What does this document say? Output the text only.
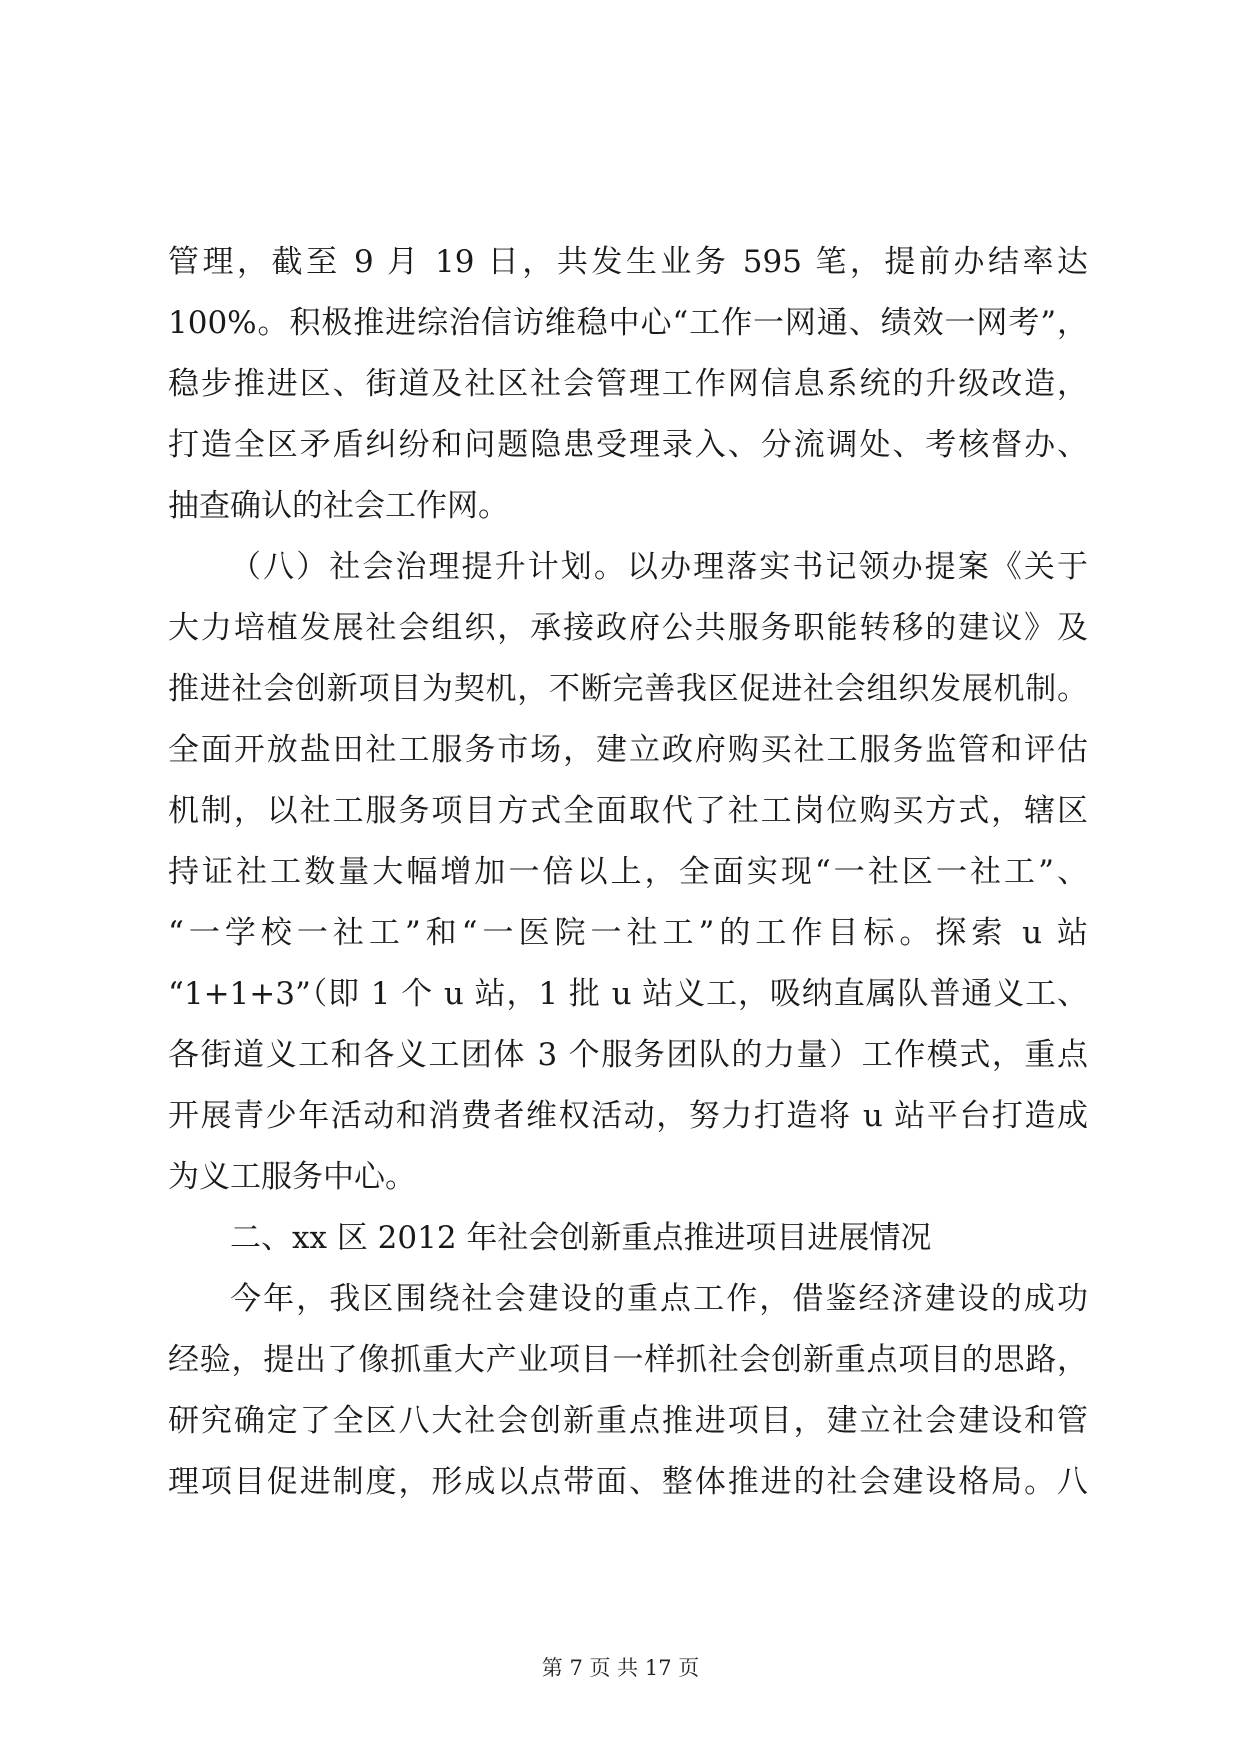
管理，截至 9 月 19 日，共发生业务 595 笔，提前办结率达
100%。积极推进综治信访维稳中心“工作一网通、绩效一网考”，
稳步推进区、街道及社区社会管理工作网信息系统的升级改造，
打造全区矛盾纠纷和问题隐患受理录入、分流调处、考核督办、
抽查确认的社会工作网。
（八）社会治理提升计划。以办理落实书记领办提案《关于
大力培植发展社会组织，承接政府公共服务职能转移的建议》及
推进社会创新项目为契机，不断完善我区促进社会组织发展机制。
全面开放盐田社工服务市场，建立政府购买社工服务监管和评估
机制，以社工服务项目方式全面取代了社工岗位购买方式，辖区
持证社工数量大幅增加一倍以上，全面实现“一社区一社工”、
“一学校一社工”和“一医院一社工”的工作目标。探索 u 站
“1+1+3”（即 1 个 u 站，1 批 u 站义工，吸纳直属队普通义工、
各街道义工和各义工团体 3 个服务团队的力量）工作模式，重点
开展青少年活动和消费者维权活动，努力打造将 u 站平台打造成
为义工服务中心。
二、xx 区 2012 年社会创新重点推进项目进展情况
今年，我区围绕社会建设的重点工作，借鉴经济建设的成功
经验，提出了像抓重大产业项目一样抓社会创新重点项目的思路，
研究确定了全区八大社会创新重点推进项目，建立社会建设和管
理项目促进制度，形成以点带面、整体推进的社会建设格局。八
第 7 页 共 17 页
